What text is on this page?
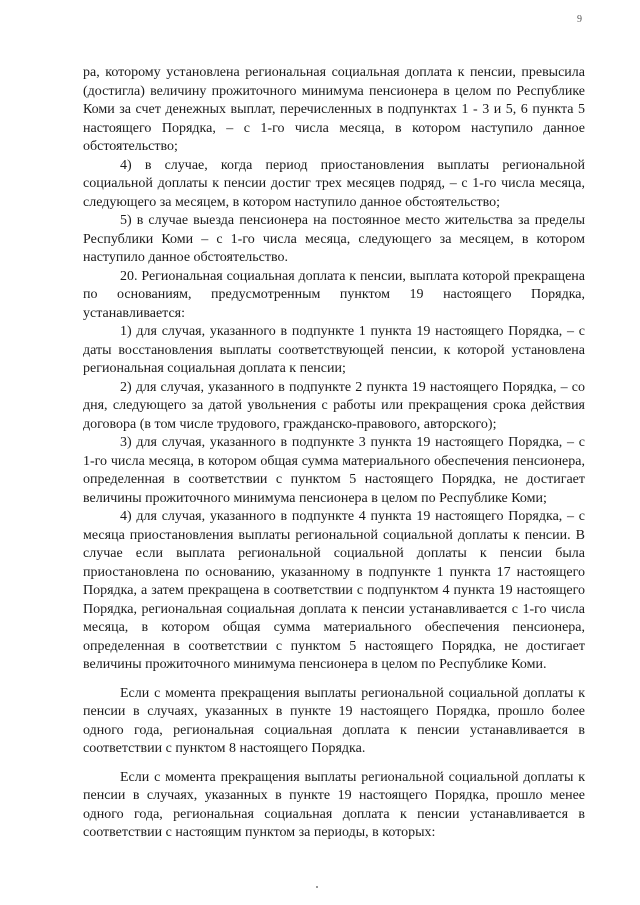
9

ра, которому установлена региональная социальная доплата к пенсии, превысила (достигла) величину прожиточного минимума пенсионера в целом по Республике Коми за счет денежных выплат, перечисленных в подпунктах 1 - 3 и 5, 6 пункта 5 настоящего Порядка, – с 1-го числа месяца, в котором наступило данное обстоятельство;

4) в случае, когда период приостановления выплаты региональной социальной доплаты к пенсии достиг трех месяцев подряд, – с 1-го числа месяца, следующего за месяцем, в котором наступило данное обстоятельство;

5) в случае выезда пенсионера на постоянное место жительства за пределы Республики Коми – с 1-го числа месяца, следующего за месяцем, в котором наступило данное обстоятельство.

20. Региональная социальная доплата к пенсии, выплата которой прекращена по основаниям, предусмотренным пунктом 19 настоящего Порядка, устанавливается:

1) для случая, указанного в подпункте 1 пункта 19 настоящего Порядка, – с даты восстановления выплаты соответствующей пенсии, к которой установлена региональная социальная доплата к пенсии;

2) для случая, указанного в подпункте 2 пункта 19 настоящего Порядка, – со дня, следующего за датой увольнения с работы или прекращения срока действия договора (в том числе трудового, гражданско-правового, авторского);

3) для случая, указанного в подпункте 3 пункта 19 настоящего Порядка, – с 1-го числа месяца, в котором общая сумма материального обеспечения пенсионера, определенная в соответствии с пунктом 5 настоящего Порядка, не достигает величины прожиточного минимума пенсионера в целом по Республике Коми;

4) для случая, указанного в подпункте 4 пункта 19 настоящего Порядка, – с месяца приостановления выплаты региональной социальной доплаты к пенсии. В случае если выплата региональной социальной доплаты к пенсии была приостановлена по основанию, указанному в подпункте 1 пункта 17 настоящего Порядка, а затем прекращена в соответствии с подпунктом 4 пункта 19 настоящего Порядка, региональная социальная доплата к пенсии устанавливается с 1-го числа месяца, в котором общая сумма материального обеспечения пенсионера, определенная в соответствии с пунктом 5 настоящего Порядка, не достигает величины прожиточного минимума пенсионера в целом по Республике Коми.

Если с момента прекращения выплаты региональной социальной доплаты к пенсии в случаях, указанных в пункте 19 настоящего Порядка, прошло более одного года, региональная социальная доплата к пенсии устанавливается в соответствии с пунктом 8 настоящего Порядка.

Если с момента прекращения выплаты региональной социальной доплаты к пенсии в случаях, указанных в пункте 19 настоящего Порядка, прошло менее одного года, региональная социальная доплата к пенсии устанавливается в соответствии с настоящим пунктом за периоды, в которых:
